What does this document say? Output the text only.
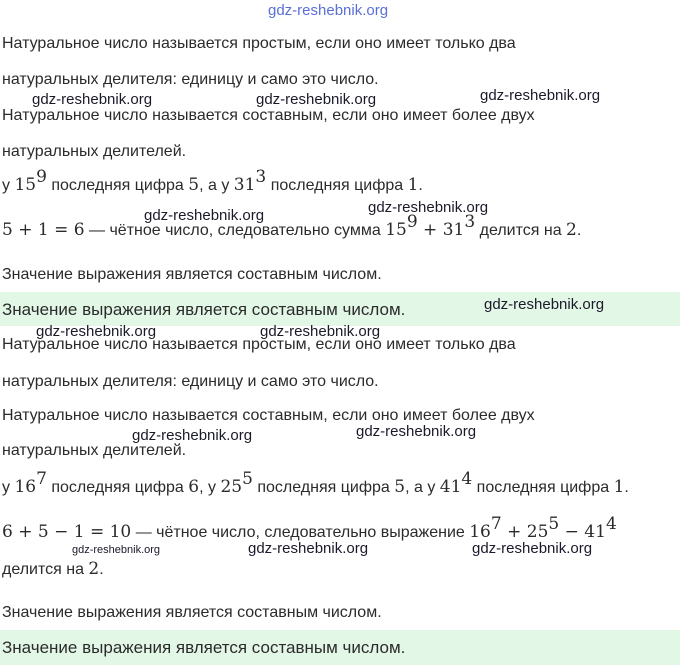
gdz-reshebnik.org
Натуральное число называется простым, если оно имеет только два
натуральных делителя: единицу и само это число.
Натуральное число называется составным, если оно имеет более двух
натуральных делителей.
у $15^9$ последняя цифра 5, а у $31^3$ последняя цифра 1.
5 + 1 = 6 — чётное число, следовательно сумма $15^9 + 31^3$ делится на 2.
Значение выражения является составным числом.
Значение выражения является составным числом.
Натуральное число называется простым, если оно имеет только два
натуральных делителя: единицу и само это число.
Натуральное число называется составным, если оно имеет более двух
натуральных делителей.
у $16^7$ последняя цифра 6, у $25^5$ последняя цифра 5, а у $41^4$ последняя цифра 1.
6 + 5 − 1 = 10 — чётное число, следовательно выражение $16^7 + 25^5 - 41^4$
делится на 2.
Значение выражения является составным числом.
Значение выражения является составным числом.
gdz-reshebnik.org	gdz-reshebnik.org	gdz-reshebnik.org
gdz-reshebnik.org	gdz-reshebnik.org
gdz-reshebnik.org
gdz-reshebnik.org	gdz-reshebnik.org
gdz-reshebnik.org	gdz-reshebnik.org
gdz-reshebnik.org	gdz-reshebnik.org	gdz-reshebnik.org
